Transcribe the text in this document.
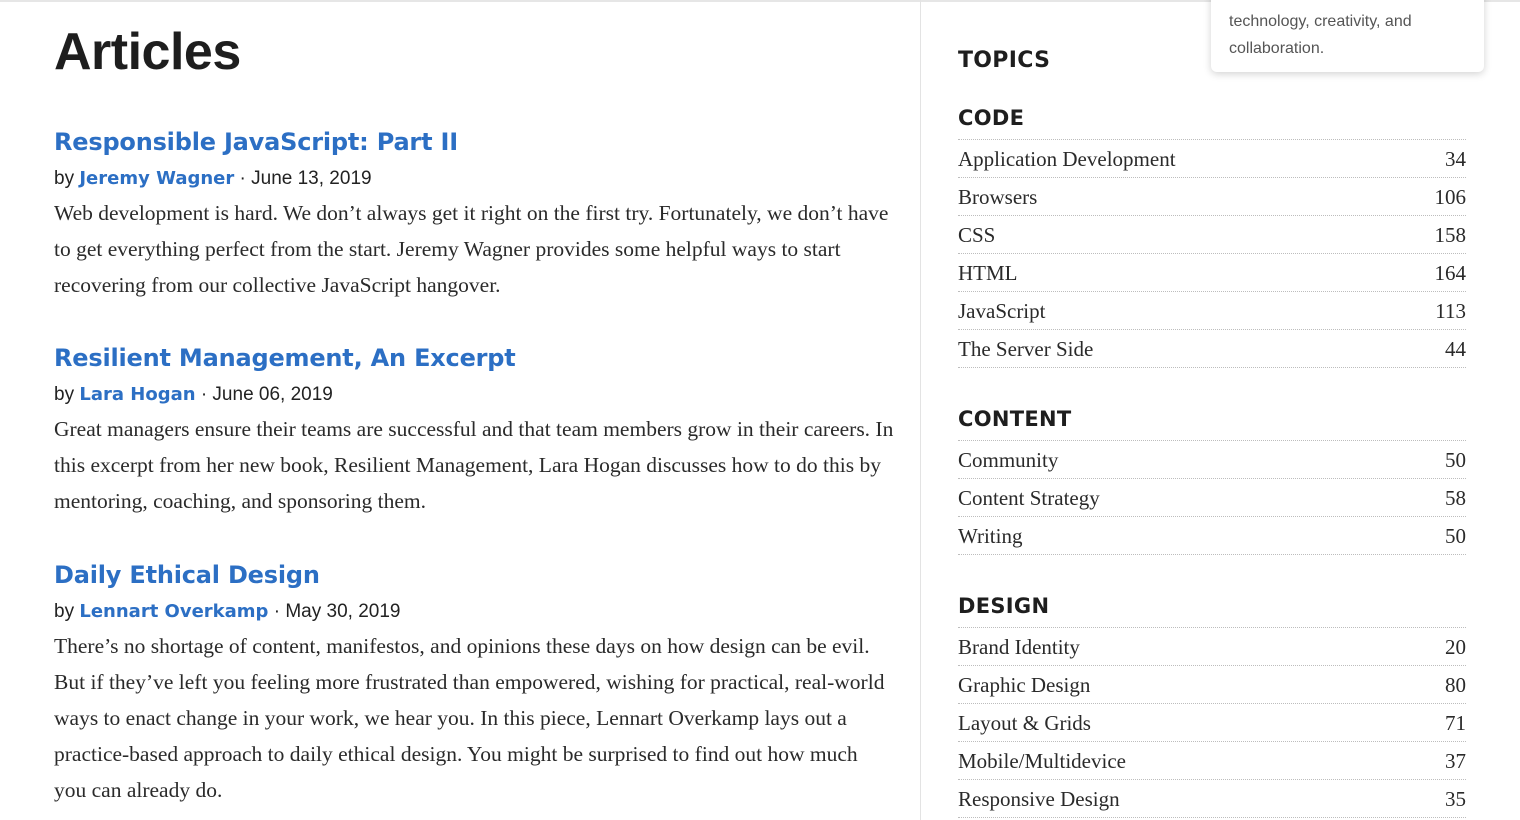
Articles
Responsible JavaScript: Part II
by Jeremy Wagner · June 13, 2019

Web development is hard. We don’t always get it right on the first try. Fortunately, we don’t have to get everything perfect from the start. Jeremy Wagner provides some helpful ways to start recovering from our collective JavaScript hangover.

Resilient Management, An Excerpt
by Lara Hogan · June 06, 2019

Great managers ensure their teams are successful and that team members grow in their careers. In this excerpt from her new book, Resilient Management, Lara Hogan discusses how to do this by mentoring, coaching, and sponsoring them.

Daily Ethical Design
by Lennart Overkamp · May 30, 2019

There’s no shortage of content, manifestos, and opinions these days on how design can be evil. But if they’ve left you feeling more frustrated than empowered, wishing for practical, real-world ways to enact change in your work, we hear you. In this piece, Lennart Overkamp lays out a practice-based approach to daily ethical design. You might be surprised to find out how much you can already do.

TOPICS
CODE
Application Development	34
Browsers	106
CSS	158
HTML	164
JavaScript	113
The Server Side	44
CONTENT
Community	50
Content Strategy	58
Writing	50
DESIGN
Brand Identity	20
Graphic Design	80
Layout & Grids	71
Mobile/Multidevice	37
Responsive Design	35
technology, creativity, and
collaboration.
